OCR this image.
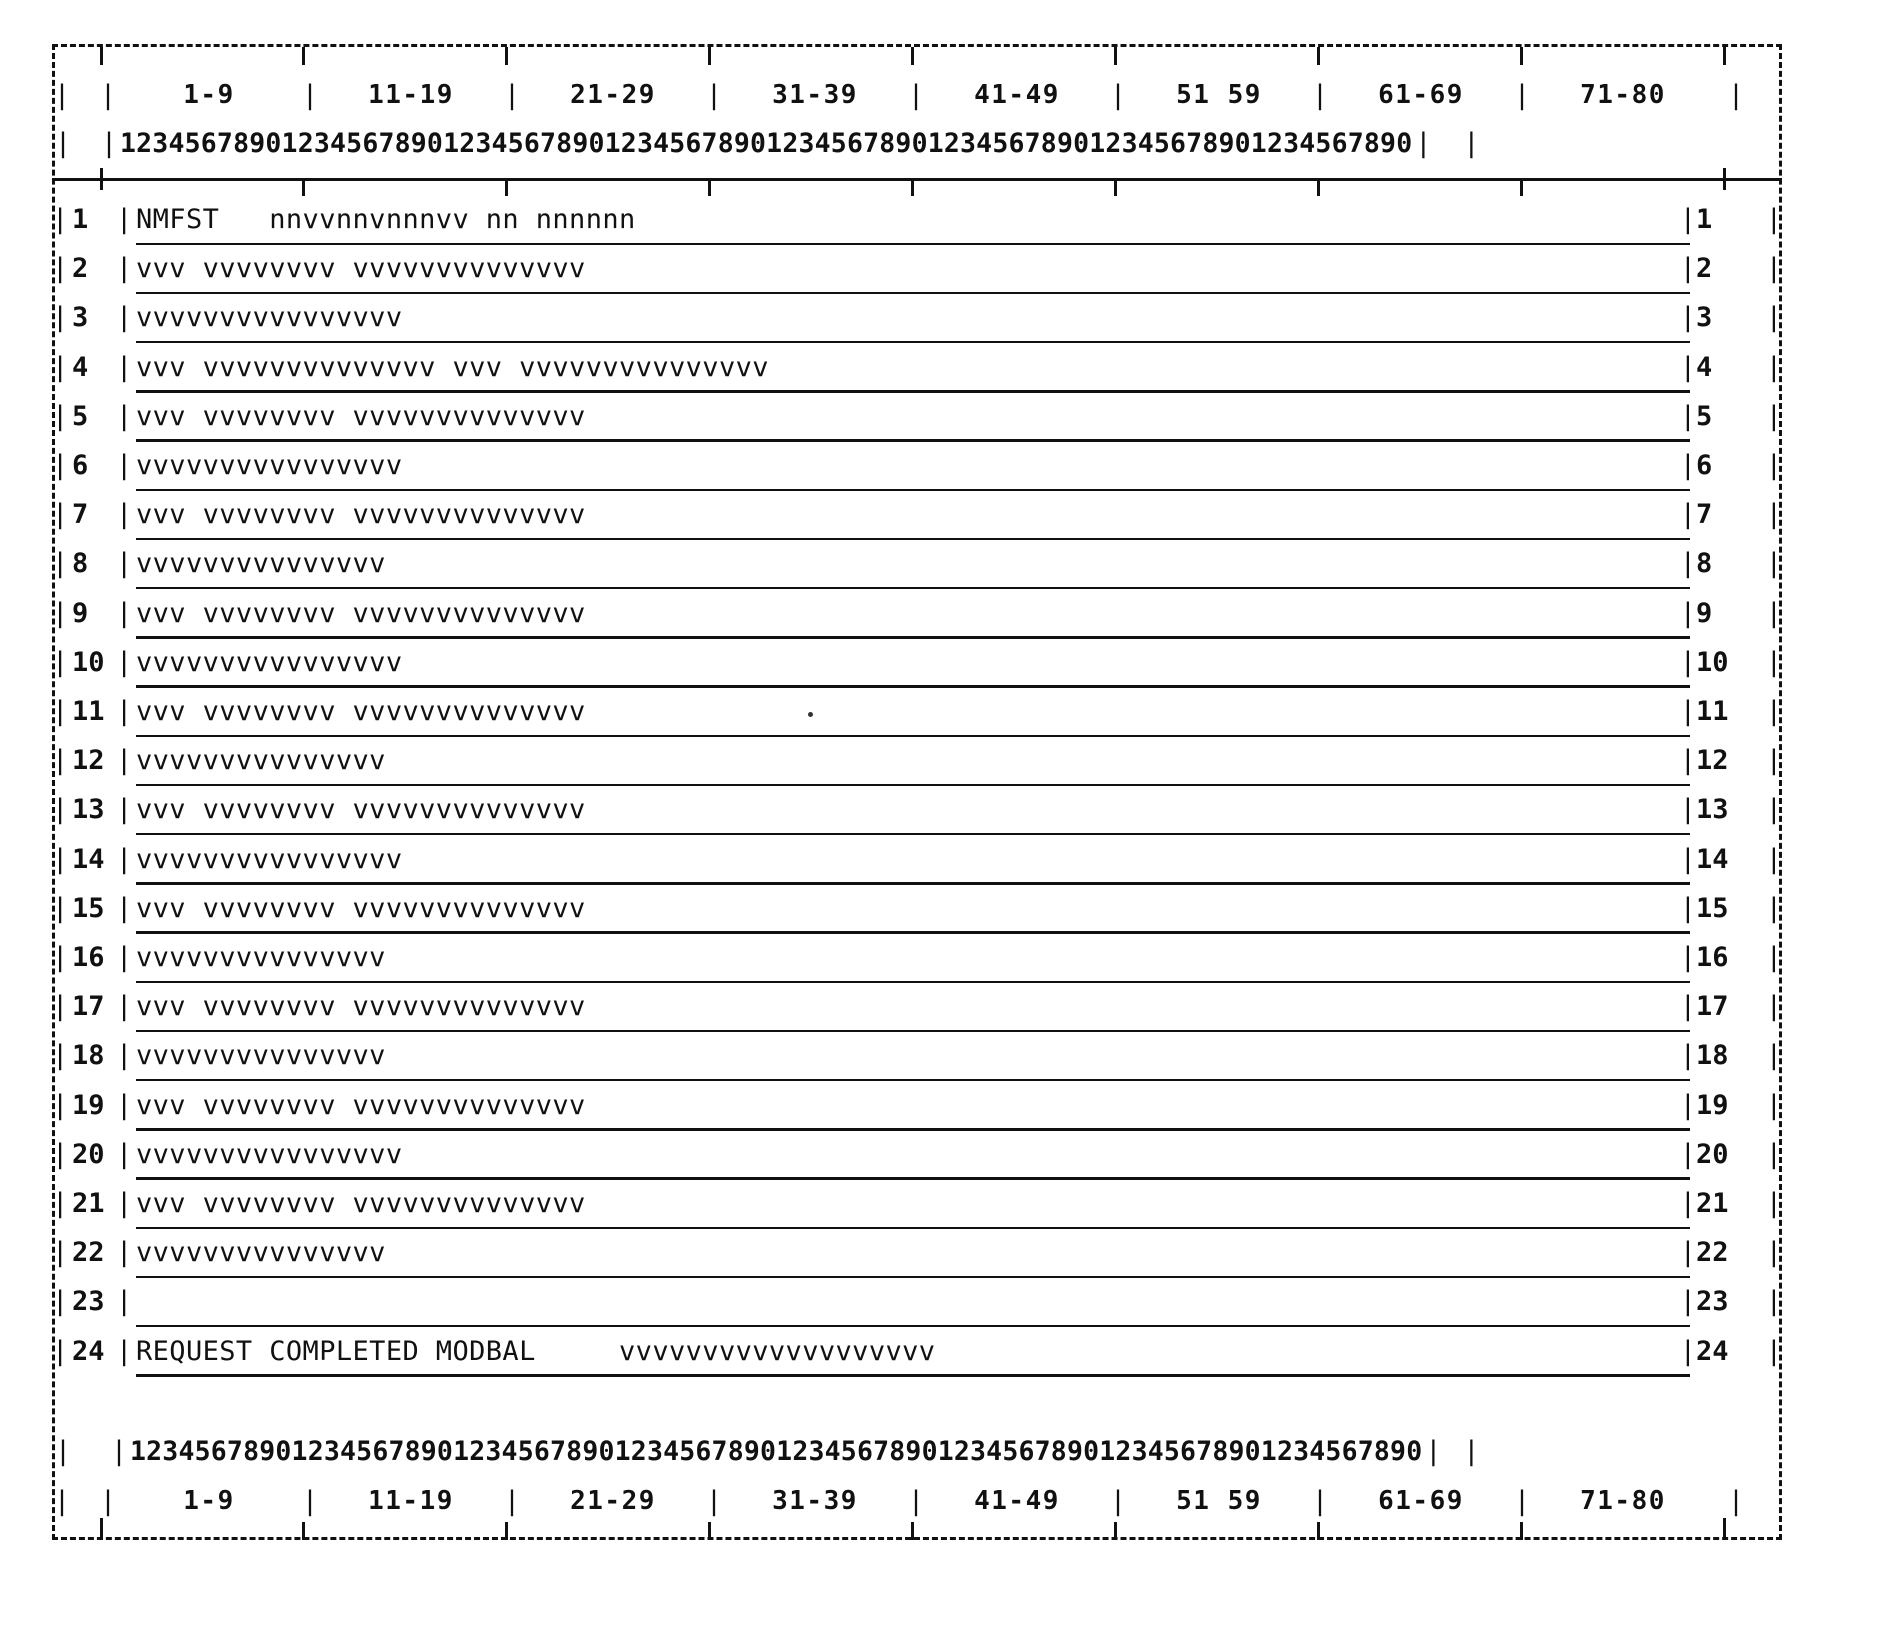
| |	1-9	|	11-19	|	21-29	|	31-39	|	41-49	|	51 59	|	61-69	|	71-80	|
| | 12345678901234567890123456789012345678901234567890123456789012345678901234567890 | |
| 1	| NMFST   nnvvnnvnnnvv nn nnnnnn	| 1	|
| 2	| vvv vvvvvvvv vvvvvvvvvvvvvv	| 2	|
| 3	| vvvvvvvvvvvvvvvv	| 3	|
| 4	| vvv vvvvvvvvvvvvvv vvv vvvvvvvvvvvvvvv	| 4	|
| 5	| vvv vvvvvvvv vvvvvvvvvvvvvv	| 5	|
| 6	| vvvvvvvvvvvvvvvv	| 6	|
| 7	| vvv vvvvvvvv vvvvvvvvvvvvvv	| 7	|
| 8	| vvvvvvvvvvvvvvv	| 8	|
| 9	| vvv vvvvvvvv vvvvvvvvvvvvvv	| 9	|
| 10 | vvvvvvvvvvvvvvvv	| 10	|
| 11 | vvv vvvvvvvv vvvvvvvvvvvvvv	| 11	|
| 12 | vvvvvvvvvvvvvvv	| 12	|
| 13 | vvv vvvvvvvv vvvvvvvvvvvvvv	| 13	|
| 14 | vvvvvvvvvvvvvvvv	| 14	|
| 15 | vvv vvvvvvvv vvvvvvvvvvvvvv	| 15	|
| 16 | vvvvvvvvvvvvvvv	| 16	|
| 17 | vvv vvvvvvvv vvvvvvvvvvvvvv	| 17	|
| 18 | vvvvvvvvvvvvvvv	| 18	|
| 19 | vvv vvvvvvvv vvvvvvvvvvvvvv	| 19	|
| 20 | vvvvvvvvvvvvvvvv	| 20	|
| 21 | vvv vvvvvvvv vvvvvvvvvvvvvv	| 21	|
| 22 | vvvvvvvvvvvvvvv	| 22	|
| 23 |	| 23	|
| 24 | REQUEST COMPLETED MODBAL     vvvvvvvvvvvvvvvvvvv	| 24	|
| | 12345678901234567890123456789012345678901234567890123456789012345678901234567890 | |
| |	1-9	|	11-19	|	21-29	|	31-39	|	41-49	|	51 59	|	61-69	|	71-80	|
